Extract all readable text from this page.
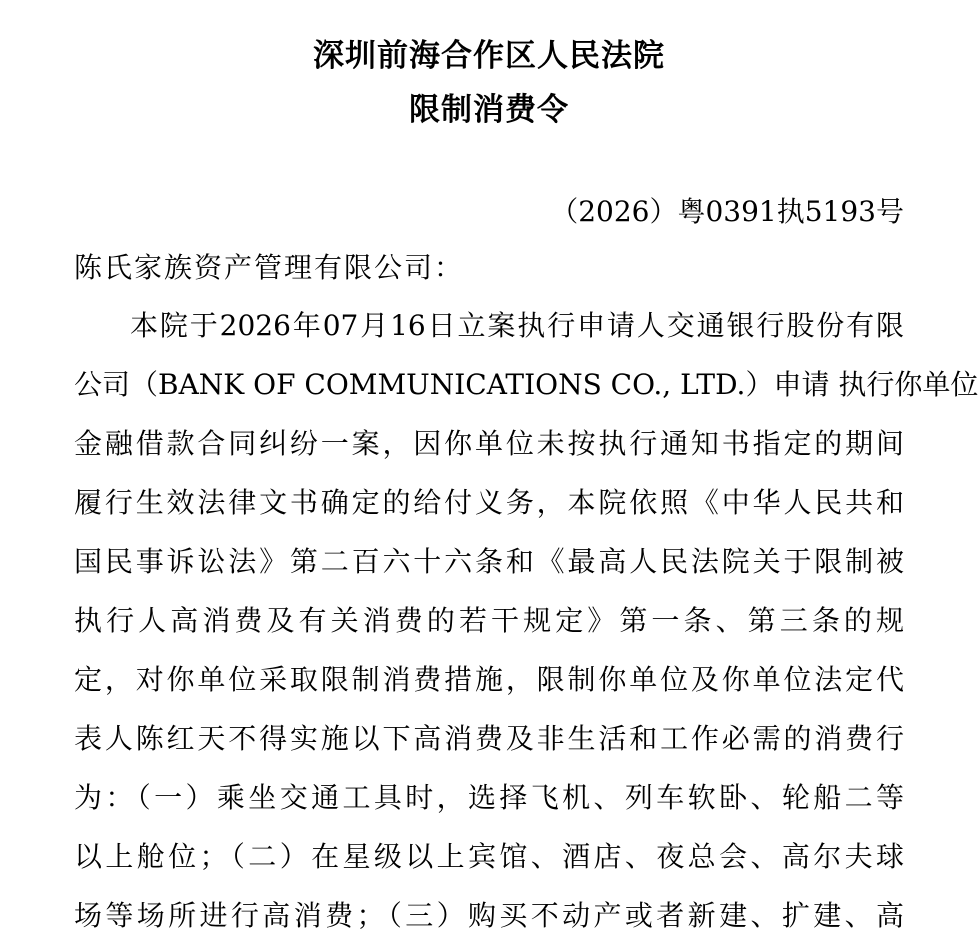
深圳前海合作区人民法院
限制消费令
（2026）粤0391执5193号
陈氏家族资产管理有限公司：
本院于2026年07月16日立案执行申请人交通银行股份有限
公司（BANK OF COMMUNICATIONS CO., LTD.）申请 执行你单位
金融借款合同纠纷一案，因你单位未按执行通知书指定的期间
履行生效法律文书确定的给付义务，本院依照《中华人民共和
国民事诉讼法》第二百六十六条和《最高人民法院关于限制被
执行人高消费及有关消费的若干规定》第一条、第三条的规
定，对你单位采取限制消费措施，限制你单位及你单位法定代
表人陈红天不得实施以下高消费及非生活和工作必需的消费行
为：（一）乘坐交通工具时，选择飞机、列车软卧、轮船二等
以上舱位；（二）在星级以上宾馆、酒店、夜总会、高尔夫球
场等场所进行高消费；（三）购买不动产或者新建、扩建、高
